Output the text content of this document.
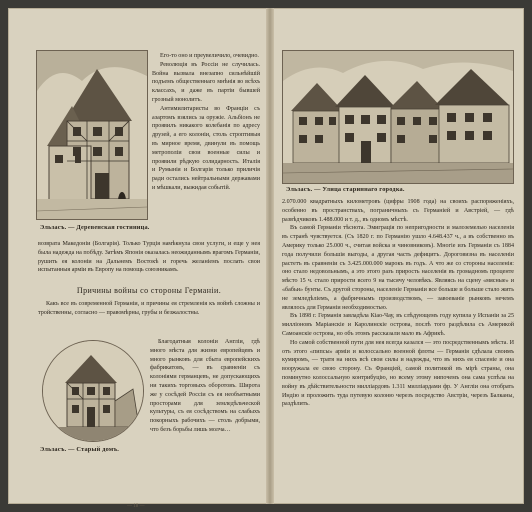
Эльзасъ. — Деревенская гостиница.

Его-то оно и преувеличило, очевидно.

Революція въ Россіи не случилась. Война вызвала внезапно сильнѣйшій подъемъ общественнаго мнѣнія во всѣхъ классахъ, и даже въ партіи бывшей грозный монолитъ.

Антимилитаристы во Франціи съ азартомъ взялись за оружіе. Альбіонъ не проявилъ никакого колебанія по адресу друзей, а его колоніи, столь строптивыя въ мирное время, двинули въ помощь метрополіи свои военные силы и проявили рѣдкую солидарность. Италія и Румынія и Болгарія только приличія ради остались нейтральными державами и мѣшкали, выжидая событій.

возврата Македоніи (Болгарія). Только Турція намѣкнула свои услуги, и еще у нея была надежда на побѣду. Затѣмъ Японія оказалась неожиданнымъ врагомъ Германіи, рушить ея колоніи на Дальнемъ Востокѣ и горечь желаніемъ послать свои испытанныя арміи въ Европу на помощь союзникамъ.

Причины войны со стороны Германіи.

Какъ все въ современной Германіи, и причины ея стремленія къ войнѣ сложны и тройственны, согласно — правомѣрны, грубы и безжалостны.

Эльзасъ. — Старый домъ.

Благодатныя колоніи Англіи, гдѣ много мѣста для жизни европейцевъ и много рынковъ для сбыта европейскихъ фабрикатовъ, — въ сравненіи съ колоніями германцевъ, не допускающихъ ни такихъ торговыхъ оборотовъ. Широта же у сосѣдей Россіи съ ея необъятными просторами для земледѣльческой культуры, съ ея сосѣдствомъ на слабыхъ покорныхъ рабочихъ — столь добрыми, что безъ борьбы лишь молча…

— 18 —
Эльзасъ. — Улица стариннаго городка.

2.070.000 квадратныхъ километровъ (цифры 1908 года) на своихъ распоряженіяхъ, особенно въ пространствахъ, пограничныхъ съ Германіей и Австріей, — гдѣ развѣдчиковъ 1.488.000 и т. д., въ одномъ мѣстѣ.

Въ самой Германіи тѣснота. Эмиграція по непригодности и малоземелью населенія въ странѣ чувствуется. (Съ 1820 г. по Германію ушло 4.648.437 ч., а въ собственно въ Америку только 25.000 ч., считая войска и чиновниковъ). Многіе изъ Германіи съ 1884 года получили большія выгоды, а другая часть дефицитъ. Дороговизна въ населеніи растетъ въ сравненіи съ 3.425.000.000 марокъ въ годъ. А что же со стороны населенія: оно стало недовольнымъ, а это этого разъ прирость населенія въ громадномъ проценте мѣсто 15 ч. стало прирости всего 9 на тысячу человѣкъ. Являясь на сцену «мясные» и «бабьи» бунты. Съ другой стороны, населеніе Германіи все больше и больше стало жить не земледѣліемъ, а фабричнымъ производствомъ, — завоеваніе рынковъ нечемъ являлось для Германіи необходимостью.

Въ 1898 г. Германія завладѣла Кіао-Чау, въ слѣдующемъ году купила у Испаніи за 25 милліоновъ Маріанскіе и Каролинскіе острова, послѣ того раздѣлила съ Америкой Самоанскіе острова, но объ этомъ рассказали мало въ Африкѣ.

Но самой собственной пути для нея всегда казался — это посредственнымъ мѣста. И отъ этого «пипсы» арміи и колоссально военной флоты — Германія сдѣлала своимъ кумиромъ, — тратя на нихъ всѣ свои силы и надежды, что въ нихъ ея спасеніе и она вооружала ее свою сторону. Съ Франціей, самой политикой въ мірѣ страны, она поминутно колоссальную контрибуцію, но всему этому нипочемъ она сама успѣла на войну въ дѣйствительности милліардовъ 1.311 милліардами фр. У Англіи она отобрать Индію и проложить туда путевую колоню черезъ посредство Австріи, черезъ Балканы, раздѣлить.
